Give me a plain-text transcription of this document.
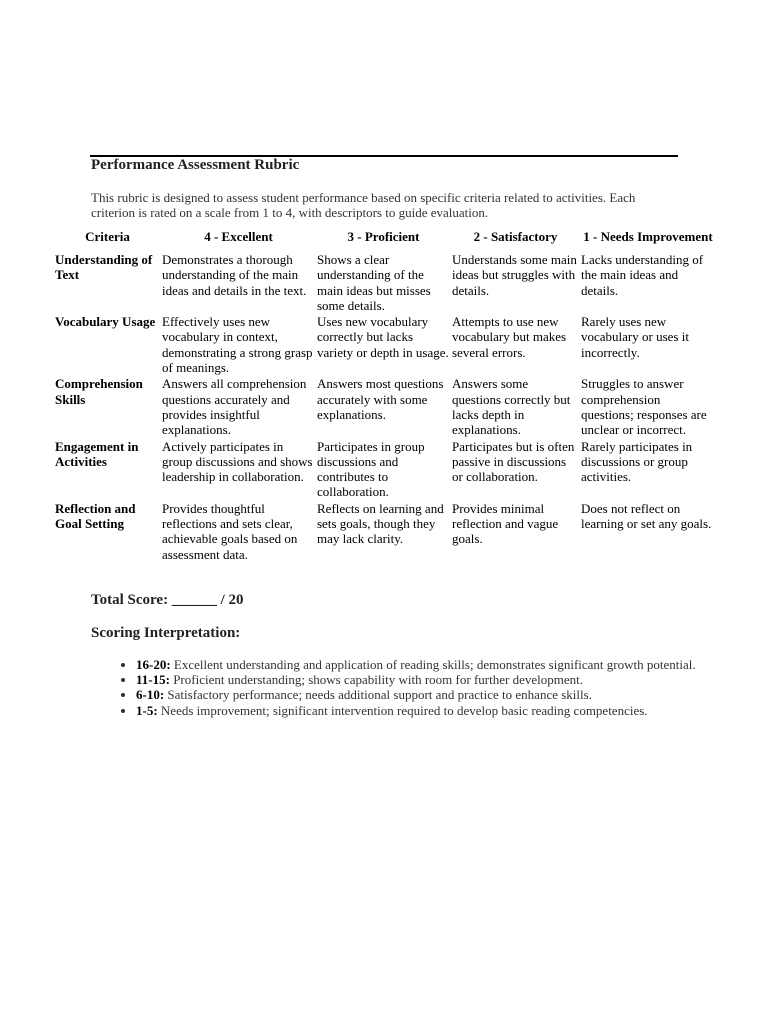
Performance Assessment Rubric

This rubric is designed to assess student performance based on specific criteria related to activities. Each criterion is rated on a scale from 1 to 4, with descriptors to guide evaluation.

Criteria	4 - Excellent	3 - Proficient	2 - Satisfactory	1 - Needs Improvement
Understanding of Text	Demonstrates a thorough understanding of the main ideas and details in the text.	Shows a clear understanding of the main ideas but misses some details.	Understands some main ideas but struggles with details.	Lacks understanding of the main ideas and details.
Vocabulary Usage	Effectively uses new vocabulary in context, demonstrating a strong grasp of meanings.	Uses new vocabulary correctly but lacks variety or depth in usage.	Attempts to use new vocabulary but makes several errors.	Rarely uses new vocabulary or uses it incorrectly.
Comprehension Skills	Answers all comprehension questions accurately and provides insightful explanations.	Answers most questions accurately with some explanations.	Answers some questions correctly but lacks depth in explanations.	Struggles to answer comprehension questions; responses are unclear or incorrect.
Engagement in Activities	Actively participates in group discussions and shows leadership in collaboration.	Participates in group discussions and contributes to collaboration.	Participates but is often passive in discussions or collaboration.	Rarely participates in discussions or group activities.
Reflection and Goal Setting	Provides thoughtful reflections and sets clear, achievable goals based on assessment data.	Reflects on learning and sets goals, though they may lack clarity.	Provides minimal reflection and vague goals.	Does not reflect on learning or set any goals.

Total Score: ______ / 20

Scoring Interpretation:
• 16-20: Excellent understanding and application of reading skills; demonstrates significant growth potential.
• 11-15: Proficient understanding; shows capability with room for further development.
• 6-10: Satisfactory performance; needs additional support and practice to enhance skills.
• 1-5: Needs improvement; significant intervention required to develop basic reading competencies.
